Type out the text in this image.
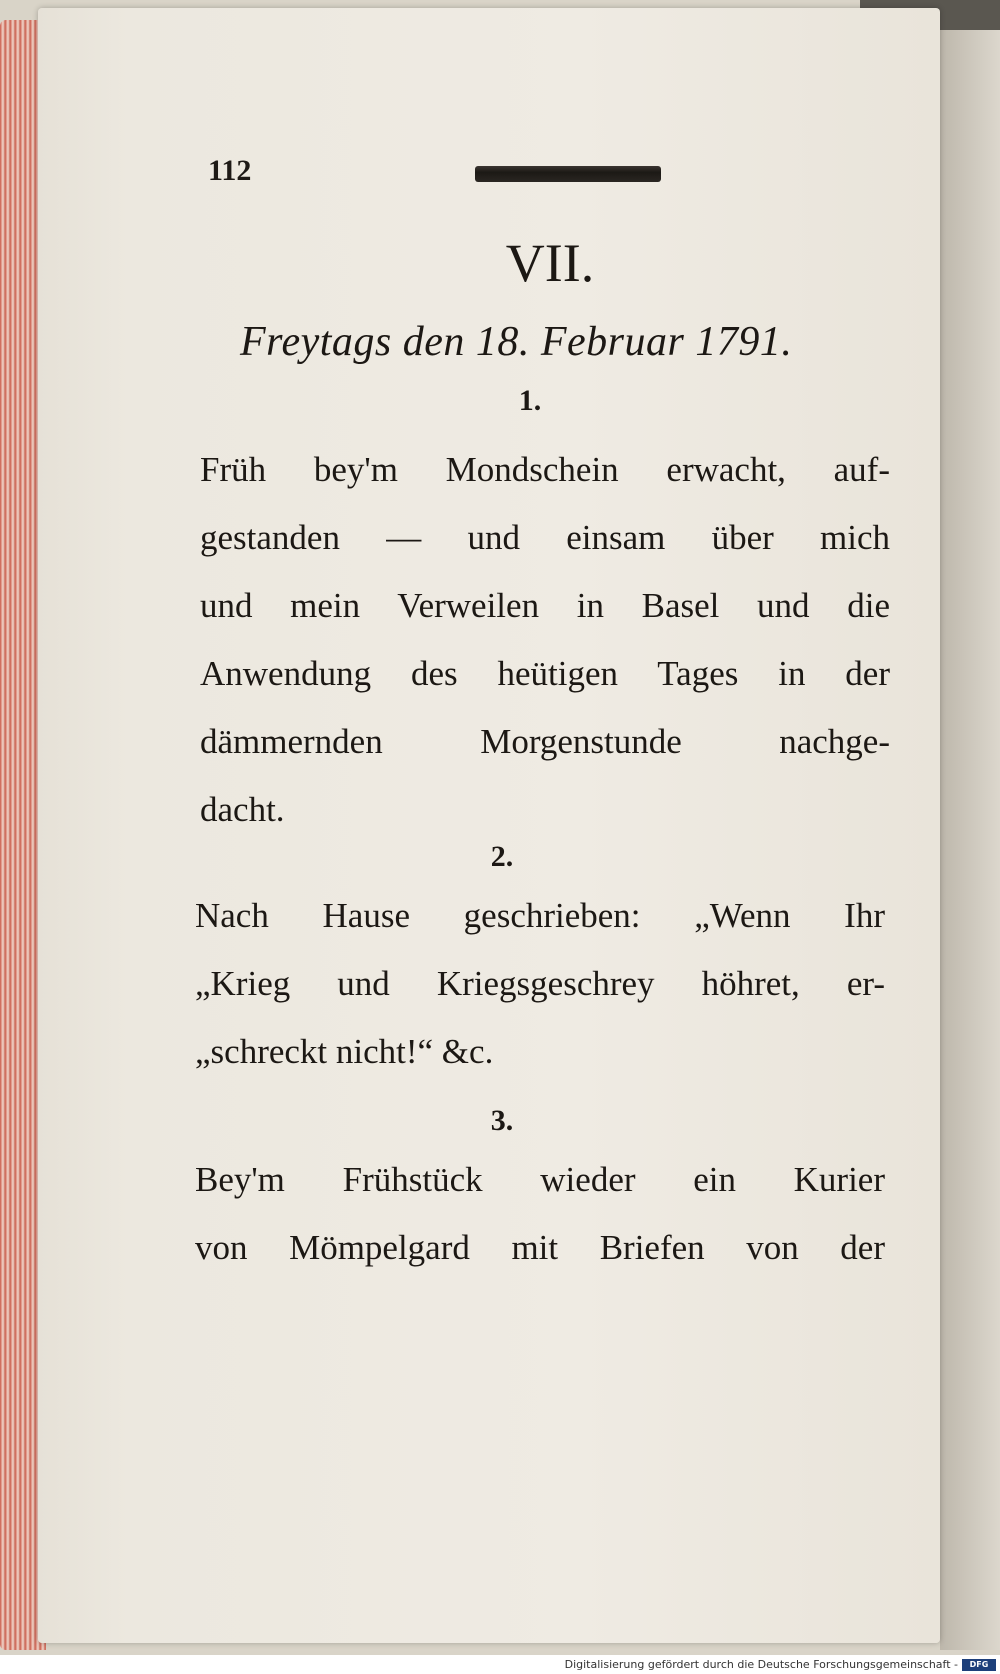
112
VII.
Freytags den 18. Februar 1791.
1.
Früh bey'm Mondschein erwacht, auf-
gestanden — und einsam über mich
und mein Verweilen in Basel und die
Anwendung des heütigen Tages in der
dämmernden Morgenstunde nachge-
dacht.
2.
Nach Hause geschrieben: „Wenn Ihr
„Krieg und Kriegsgeschrey höhret, er-
„schreckt nicht!“ &c.
3.
Bey'm Frühstück wieder ein Kurier
von Mömpelgard mit Briefen von der
Digitalisierung gefördert durch die Deutsche Forschungsgemeinschaft -	DFG
